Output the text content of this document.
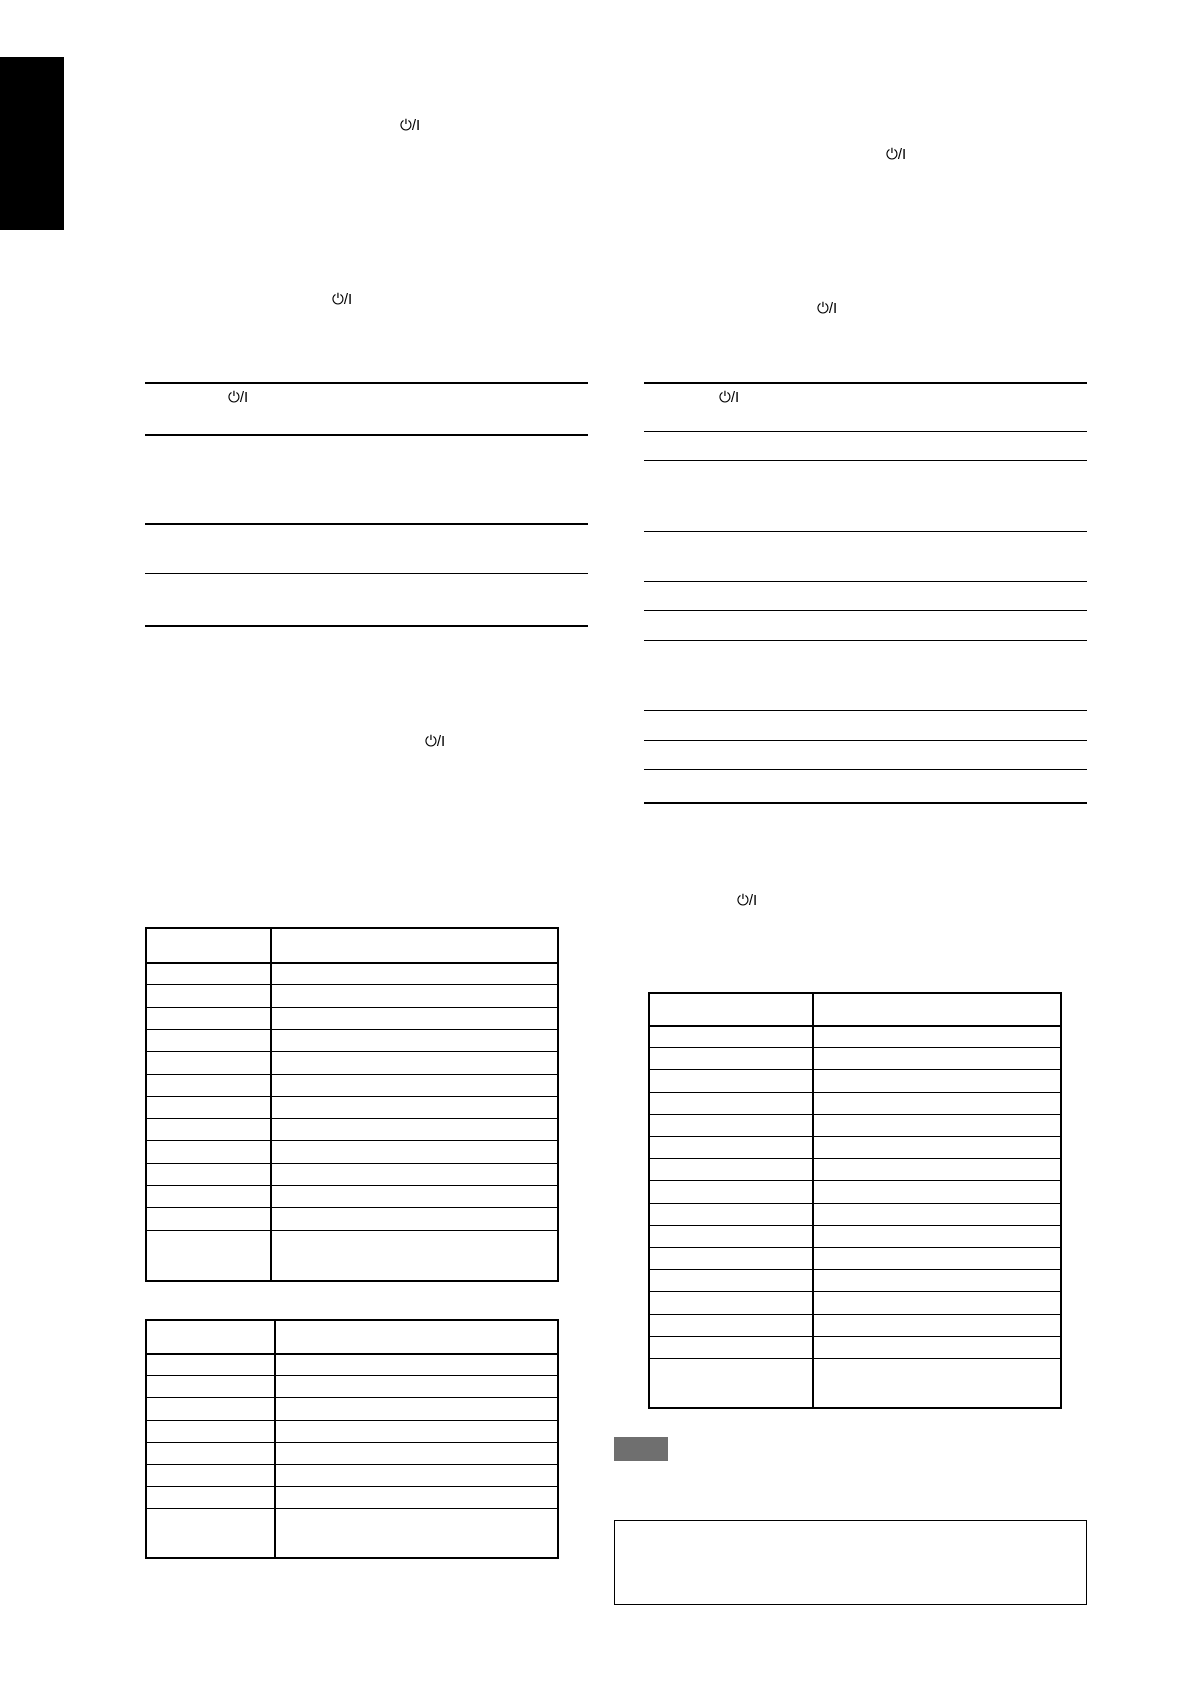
⏻/I
⏻/I
⏻/I
⏻/I
⏻/I
⏻/I
⏻/I
⏻/I
